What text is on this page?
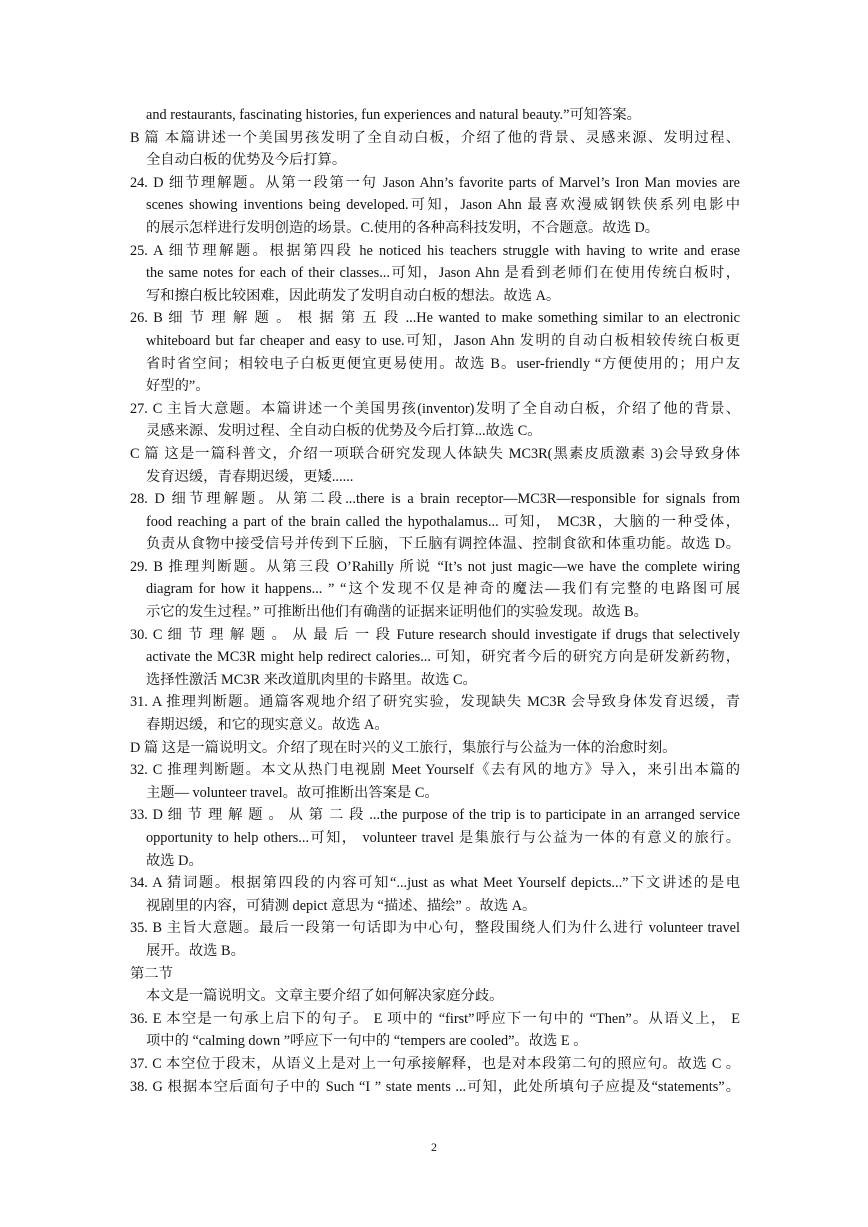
and restaurants, fascinating histories, fun experiences and natural beauty.”可知答案。
B 篇 本篇讲述一个美国男孩发明了全自动白板，介绍了他的背景、灵感来源、发明过程、
全自动白板的优势及今后打算。
24. D 细节理解题。从第一段第一句 Jason Ahn’s favorite parts of Marvel’s Iron Man movies are
scenes showing inventions being developed.可知，Jason Ahn 最喜欢漫威钢铁侠系列电影中
的展示怎样进行发明创造的场景。C.使用的各种高科技发明，不合题意。故选 D。
25. A 细节理解题。根据第四段 he noticed his teachers struggle with having to write and erase
the same notes for each of their classes...可知，Jason Ahn 是看到老师们在使用传统白板时，
写和擦白板比较困难，因此萌发了发明自动白板的想法。故选 A。
26. B 细 节 理 解 题 。 根 据 第 五 段 ...He wanted to make something similar to an electronic
whiteboard but far cheaper and easy to use.可知，Jason Ahn 发明的自动白板相较传统白板更
省时省空间；相较电子白板更便宜更易使用。故选 B。user-friendly “方便使用的；用户友
好型的”。
27. C 主旨大意题。本篇讲述一个美国男孩(inventor)发明了全自动白板，介绍了他的背景、
灵感来源、发明过程、全自动白板的优势及今后打算...故选 C。
C 篇 这是一篇科普文，介绍一项联合研究发现人体缺失 MC3R(黑素皮质激素 3)会导致身体
发育迟缓，青春期迟缓，更矮......
28. D 细节理解题。从第二段...there is a brain receptor—MC3R—responsible for signals from
food reaching a part of the brain called the hypothalamus... 可知， MC3R，大脑的一种受体，
负责从食物中接受信号并传到下丘脑，下丘脑有调控体温、控制食欲和体重功能。故选 D。
29. B 推理判断题。从第三段 O’Rahilly 所说 “It’s not just magic—we have the complete wiring
diagram for how it happens... ” “这个发现不仅是神奇的魔法—我们有完整的电路图可展
示它的发生过程。” 可推断出他们有确凿的证据来证明他们的实验发现。故选 B。
30. C 细 节 理 解 题 。 从 最 后 一 段 Future research should investigate if drugs that selectively
activate the MC3R might help redirect calories... 可知，研究者今后的研究方向是研发新药物，
选择性激活 MC3R 来改道肌肉里的卡路里。故选 C。
31. A 推理判断题。通篇客观地介绍了研究实验，发现缺失 MC3R 会导致身体发育迟缓，青
春期迟缓，和它的现实意义。故选 A。
D 篇 这是一篇说明文。介绍了现在时兴的义工旅行，集旅行与公益为一体的治愈时刻。
32. C 推理判断题。本文从热门电视剧 Meet Yourself《去有风的地方》导入，来引出本篇的
主题— volunteer travel。故可推断出答案是 C。
33. D 细 节 理 解 题 。 从 第 二 段 ...the purpose of the trip is to participate in an arranged service
opportunity to help others...可知， volunteer travel 是集旅行与公益为一体的有意义的旅行。
故选 D。
34. A 猜词题。根据第四段的内容可知“...just as what Meet Yourself depicts...”下文讲述的是电
视剧里的内容，可猜测 depict 意思为 “描述、描绘” 。故选 A。
35. B 主旨大意题。最后一段第一句话即为中心句，整段围绕人们为什么进行 volunteer travel
展开。故选 B。
第二节
本文是一篇说明文。文章主要介绍了如何解决家庭分歧。
36. E 本空是一句承上启下的句子。 E 项中的 “first”呼应下一句中的 “Then”。从语义上， E
项中的 “calming down ”呼应下一句中的 “tempers are cooled”。故选 E 。
37. C 本空位于段末，从语义上是对上一句承接解释，也是对本段第二句的照应句。故选 C 。
38. G 根据本空后面句子中的 Such “I ” state ments ...可知，此处所填句子应提及“statements”。
2
